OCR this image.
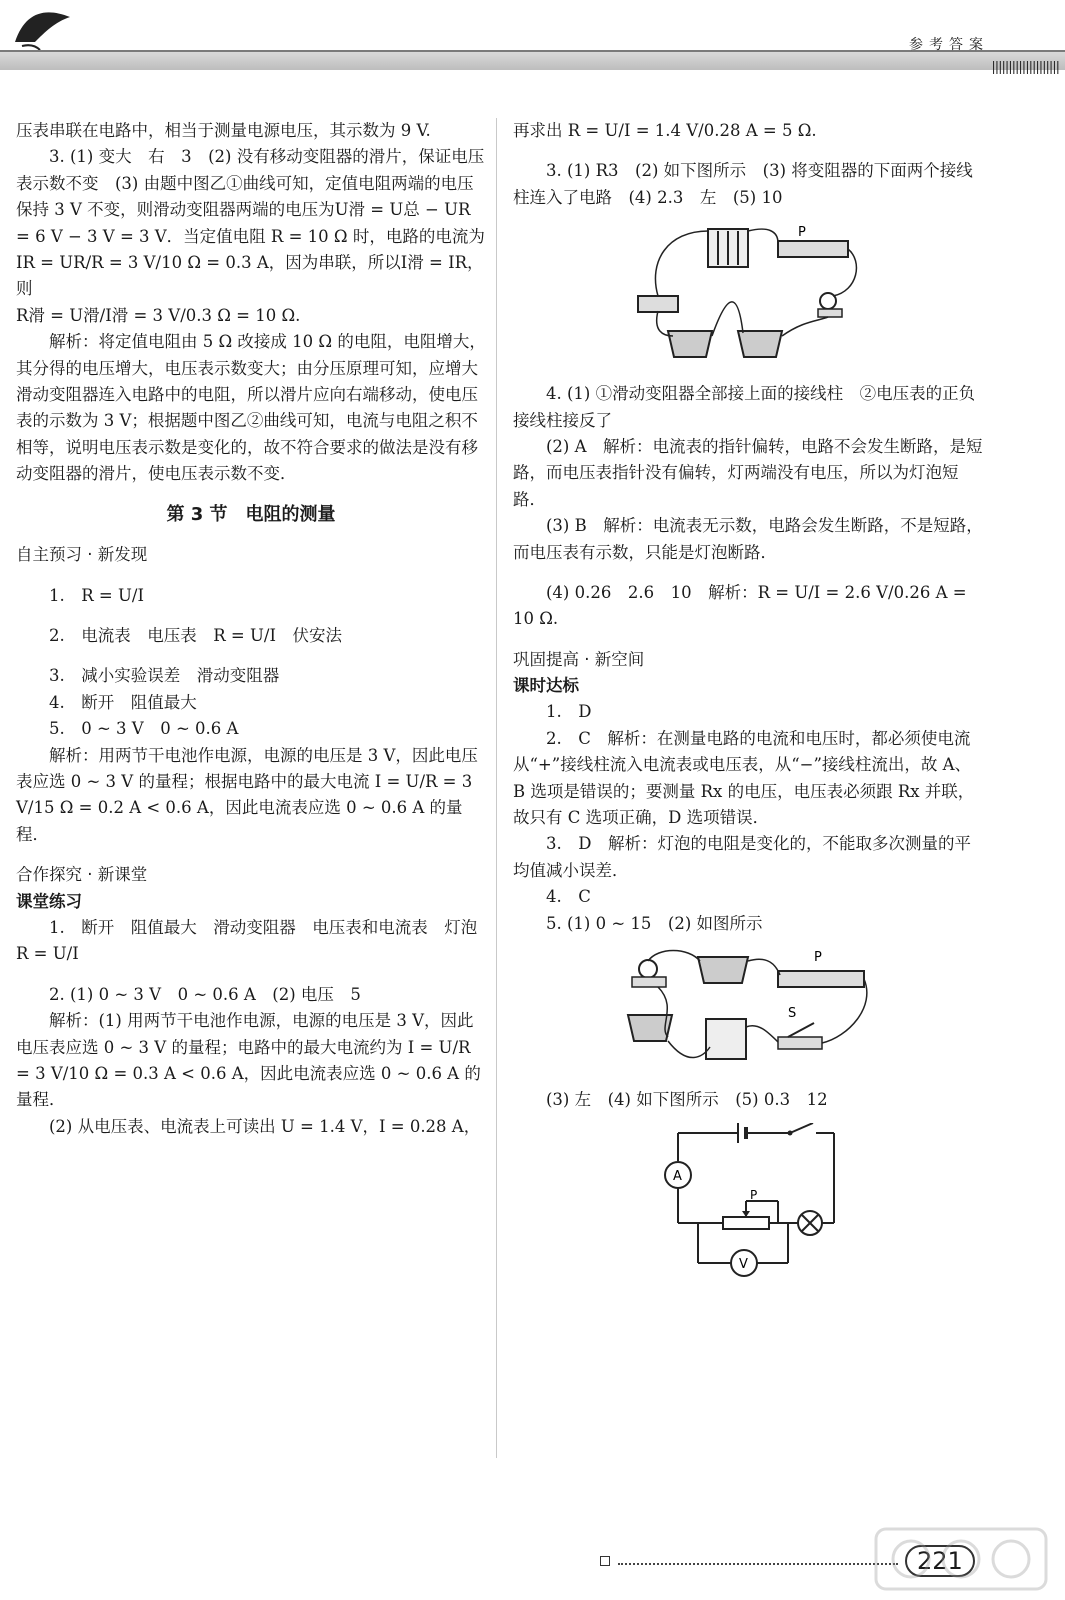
参考答案
||||||||||||||||||||

压表串联在电路中，相当于测量电源电压，其示数为 9 V.

3. (1) 变大　右　3　(2) 没有移动变阻器的滑片，保证电压表示数不变　(3) 由题中图乙①曲线可知，定值电阻两端的电压保持 3 V 不变，则滑动变阻器两端的电压为U滑 = U总 − UR = 6 V − 3 V = 3 V．当定值电阻 R = 10 Ω 时，电路的电流为IR = UR/R = 3 V/10 Ω = 0.3 A，因为串联，所以I滑 = IR，则

R滑 = U滑/I滑 = 3 V/0.3 Ω = 10 Ω.

解析：将定值电阻由 5 Ω 改接成 10 Ω 的电阻，电阻增大，其分得的电压增大，电压表示数变大；由分压原理可知，应增大滑动变阻器连入电路中的电阻，所以滑片应向右端移动，使电压表的示数为 3 V；根据题中图乙②曲线可知，电流与电阻之积不相等，说明电压表示数是变化的，故不符合要求的做法是没有移动变阻器的滑片，使电压表示数不变．

第 3 节　电阻的测量

自主预习 · 新发现

1.　R = U/I

2.　电流表　电压表　R = U/I　伏安法

3.　减小实验误差　滑动变阻器

4.　断开　阻值最大

5.　0 ~ 3 V　0 ~ 0.6 A

解析：用两节干电池作电源，电源的电压是 3 V，因此电压表应选 0 ~ 3 V 的量程；根据电路中的最大电流 I = U/R = 3 V/15 Ω = 0.2 A < 0.6 A，因此电流表应选 0 ~ 0.6 A 的量程．

合作探究 · 新课堂

课堂练习

1.　断开　阻值最大　滑动变阻器　电压表和电流表　灯泡　R = U/I

2. (1) 0 ~ 3 V　0 ~ 0.6 A　(2) 电压　5

解析：(1) 用两节干电池作电源，电源的电压是 3 V，因此电压表应选 0 ~ 3 V 的量程；电路中的最大电流约为 I = U/R = 3 V/10 Ω = 0.3 A < 0.6 A，因此电流表应选 0 ~ 0.6 A 的量程．

(2) 从电压表、电流表上可读出 U = 1.4 V，I = 0.28 A，

再求出 R = U/I = 1.4 V/0.28 A = 5 Ω.

3. (1) R3　(2) 如下图所示　(3) 将变阻器的下面两个接线柱连入了电路　(4) 2.3　左　(5) 10

P

4. (1) ①滑动变阻器全部接上面的接线柱　②电压表的正负接线柱接反了

(2) A　解析：电流表的指针偏转，电路不会发生断路，是短路，而电压表指针没有偏转，灯两端没有电压，所以为灯泡短路．

(3) B　解析：电流表无示数，电路会发生断路，不是短路，而电压表有示数，只能是灯泡断路．

(4) 0.26　2.6　10　解析：R = U/I = 2.6 V/0.26 A = 10 Ω.

巩固提高 · 新空间

课时达标

1.　D

2.　C　解析：在测量电路的电流和电压时，都必须使电流从“+”接线柱流入电流表或电压表，从“−”接线柱流出，故 A、B 选项是错误的；要测量 Rx 的电压，电压表必须跟 Rx 并联，故只有 C 选项正确，D 选项错误．

3.　D　解析：灯泡的电阻是变化的，不能取多次测量的平均值减小误差．

4.　C

5. (1) 0 ~ 15　(2) 如图所示

P
S

(3) 左　(4) 如下图所示　(5) 0.3　12

A
P
V
221
